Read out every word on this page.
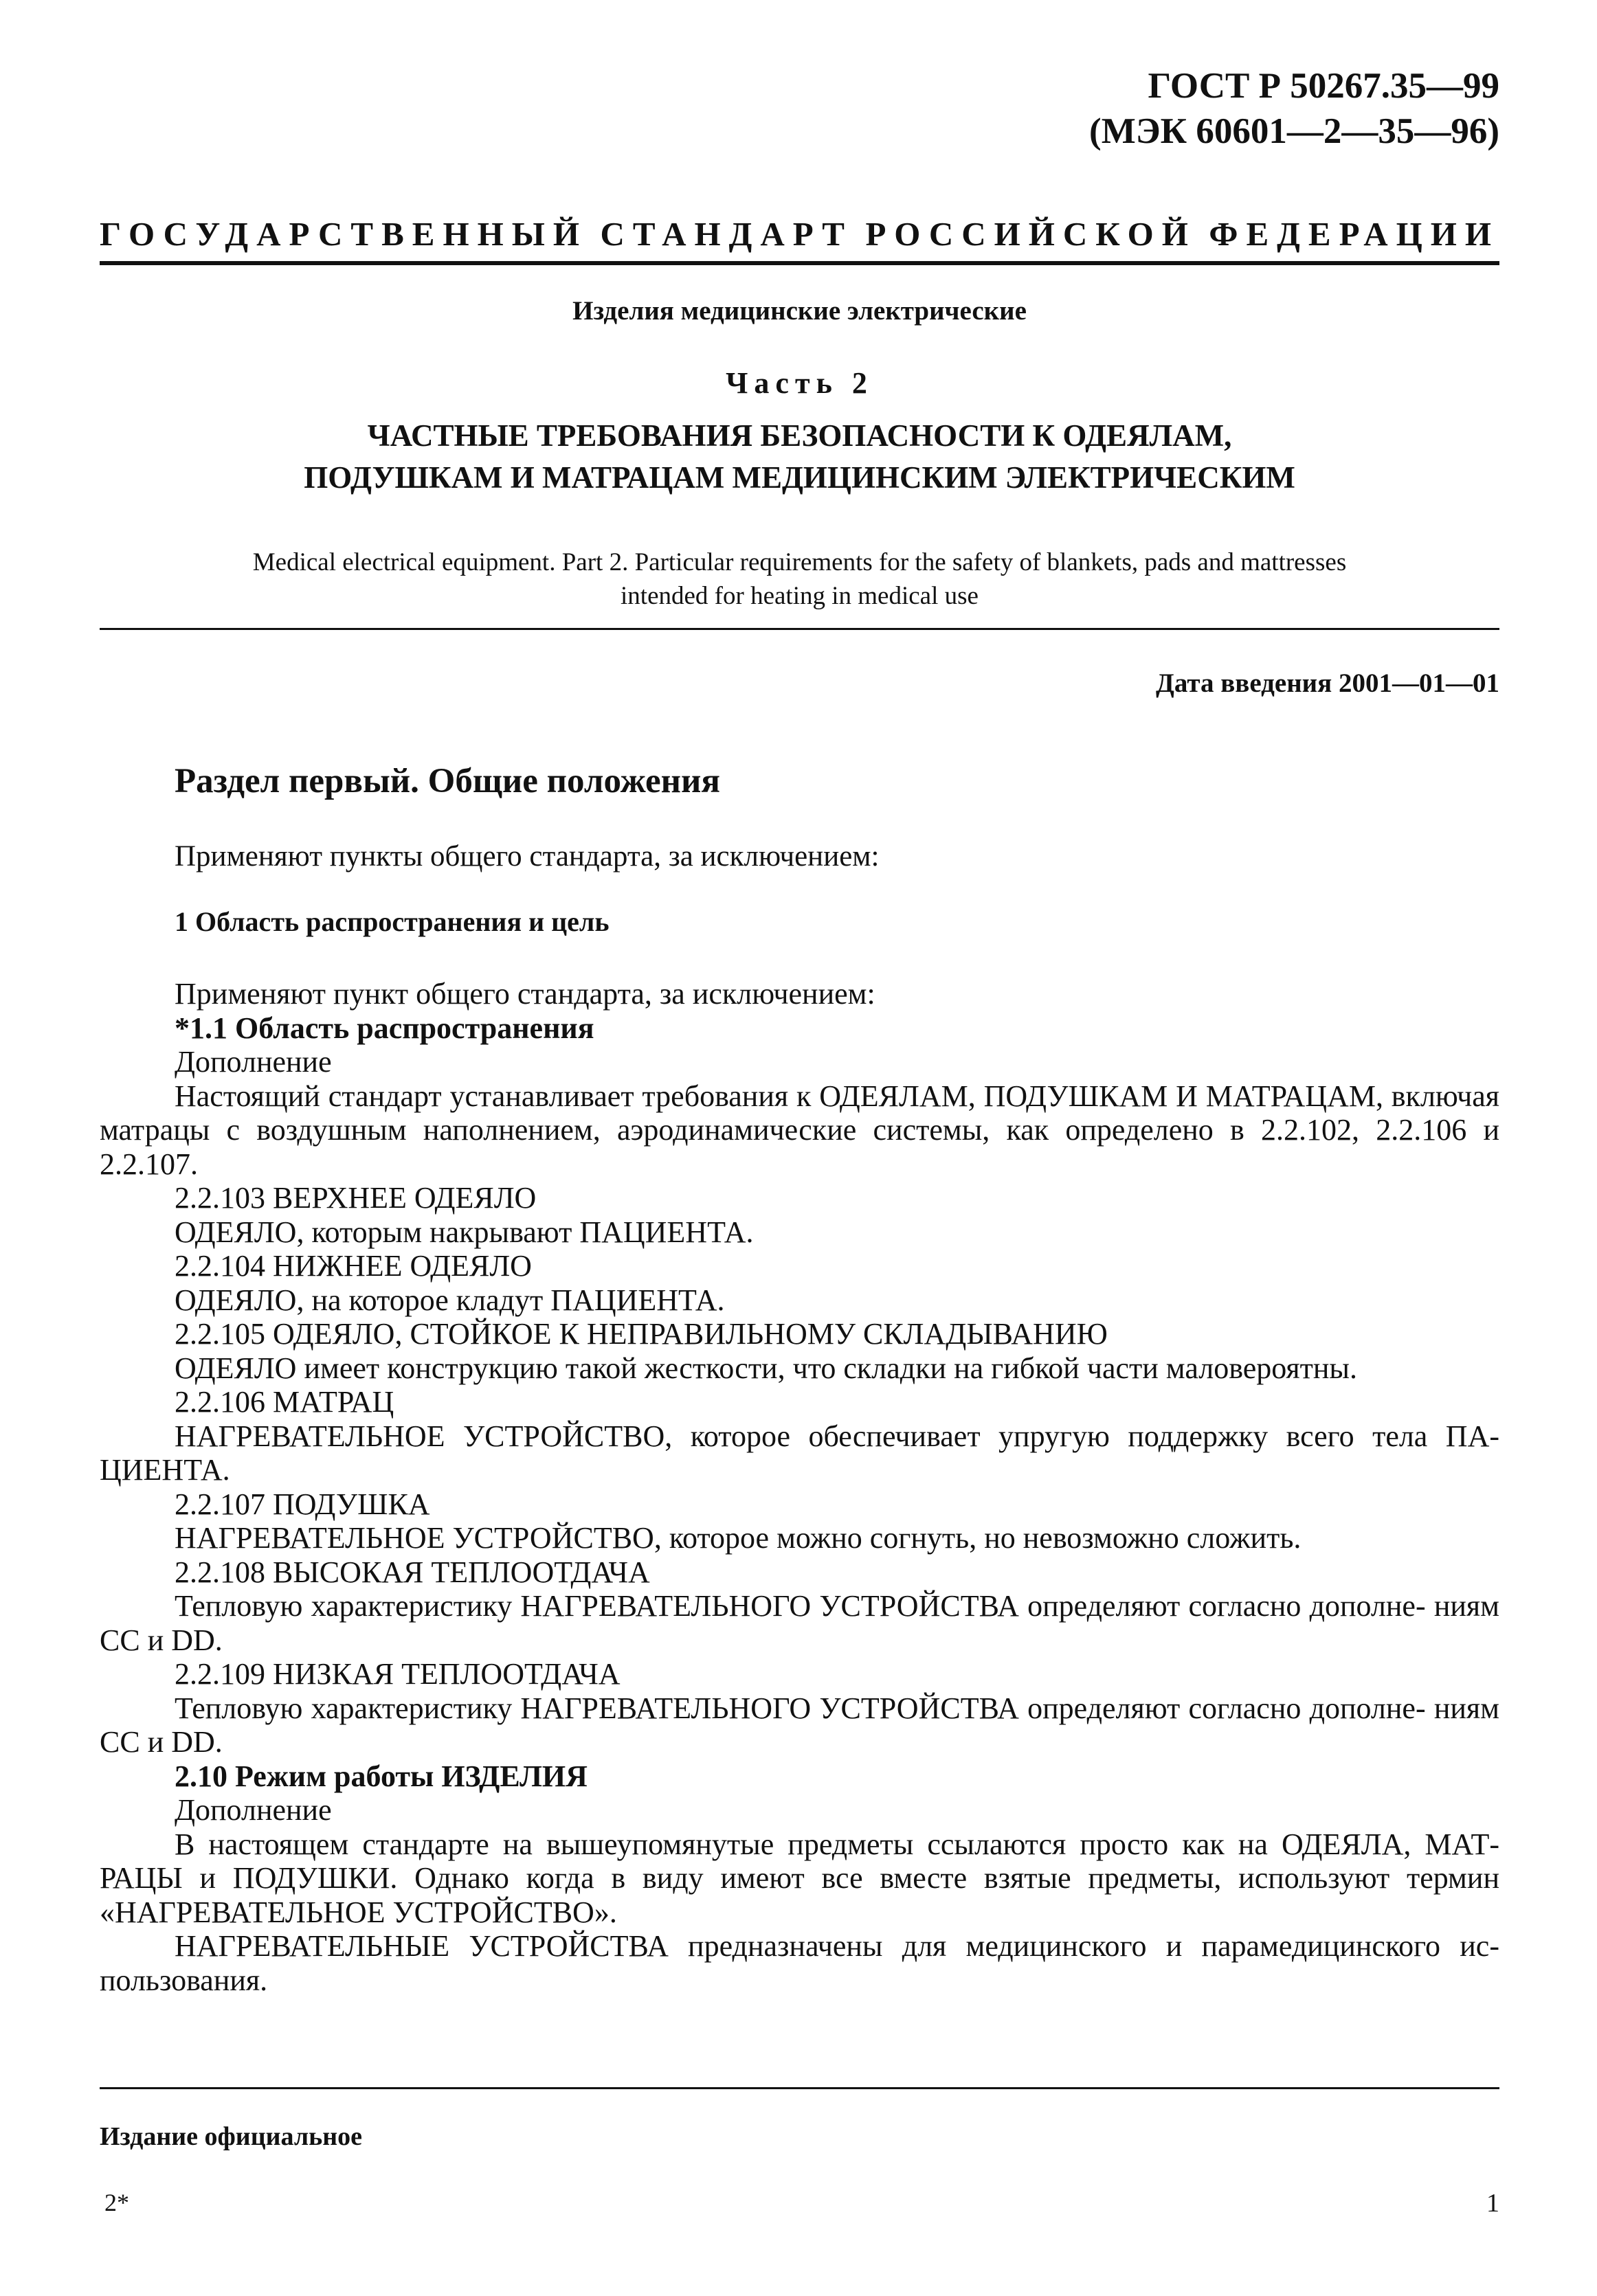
ГОСТ Р 50267.35—99
(МЭК 60601—2—35—96)
ГОСУДАРСТВЕННЫЙ СТАНДАРТ РОССИЙСКОЙ ФЕДЕРАЦИИ
Изделия медицинские электрические
Часть 2
ЧАСТНЫЕ ТРЕБОВАНИЯ БЕЗОПАСНОСТИ К ОДЕЯЛАМ,
ПОДУШКАМ И МАТРАЦАМ МЕДИЦИНСКИМ ЭЛЕКТРИЧЕСКИМ
Medical electrical equipment. Part 2. Particular requirements for the safety of blankets, pads and mattresses
intended for heating in medical use
Дата введения 2001—01—01
Раздел первый. Общие положения
Применяют пункты общего стандарта, за исключением:
1 Область распространения и цель
Применяют пункт общего стандарта, за исключением:
*1.1 Область распространения
Дополнение
Настоящий стандарт устанавливает требования к ОДЕЯЛАМ, ПОДУШКАМ И МАТРАЦАМ, включая матрацы с воздушным наполнением, аэродинамические системы, как определено в 2.2.102, 2.2.106 и 2.2.107.
2.2.103 ВЕРХНЕЕ ОДЕЯЛО
ОДЕЯЛО, которым накрывают ПАЦИЕНТА.
2.2.104 НИЖНЕЕ ОДЕЯЛО
ОДЕЯЛО, на которое кладут ПАЦИЕНТА.
2.2.105 ОДЕЯЛО, СТОЙКОЕ К НЕПРАВИЛЬНОМУ СКЛАДЫВАНИЮ
ОДЕЯЛО имеет конструкцию такой жесткости, что складки на гибкой части маловероятны.
2.2.106 МАТРАЦ
НАГРЕВАТЕЛЬНОЕ УСТРОЙСТВО, которое обеспечивает упругую поддержку всего тела ПА- ЦИЕНТА.
2.2.107 ПОДУШКА
НАГРЕВАТЕЛЬНОЕ УСТРОЙСТВО, которое можно согнуть, но невозможно сложить.
2.2.108 ВЫСОКАЯ ТЕПЛООТДАЧА
Тепловую характеристику НАГРЕВАТЕЛЬНОГО УСТРОЙСТВА определяют согласно дополне- ниям CC и DD.
2.2.109 НИЗКАЯ ТЕПЛООТДАЧА
Тепловую характеристику НАГРЕВАТЕЛЬНОГО УСТРОЙСТВА определяют согласно дополне- ниям CC и DD.
2.10 Режим работы ИЗДЕЛИЯ
Дополнение
В настоящем стандарте на вышеупомянутые предметы ссылаются просто как на ОДЕЯЛА, МАТ- РАЦЫ и ПОДУШКИ. Однако когда в виду имеют все вместе взятые предметы, используют термин «НАГРЕВАТЕЛЬНОЕ УСТРОЙСТВО».
НАГРЕВАТЕЛЬНЫЕ УСТРОЙСТВА предназначены для медицинского и парамедицинского ис- пользования.
Издание официальное
2*	1
